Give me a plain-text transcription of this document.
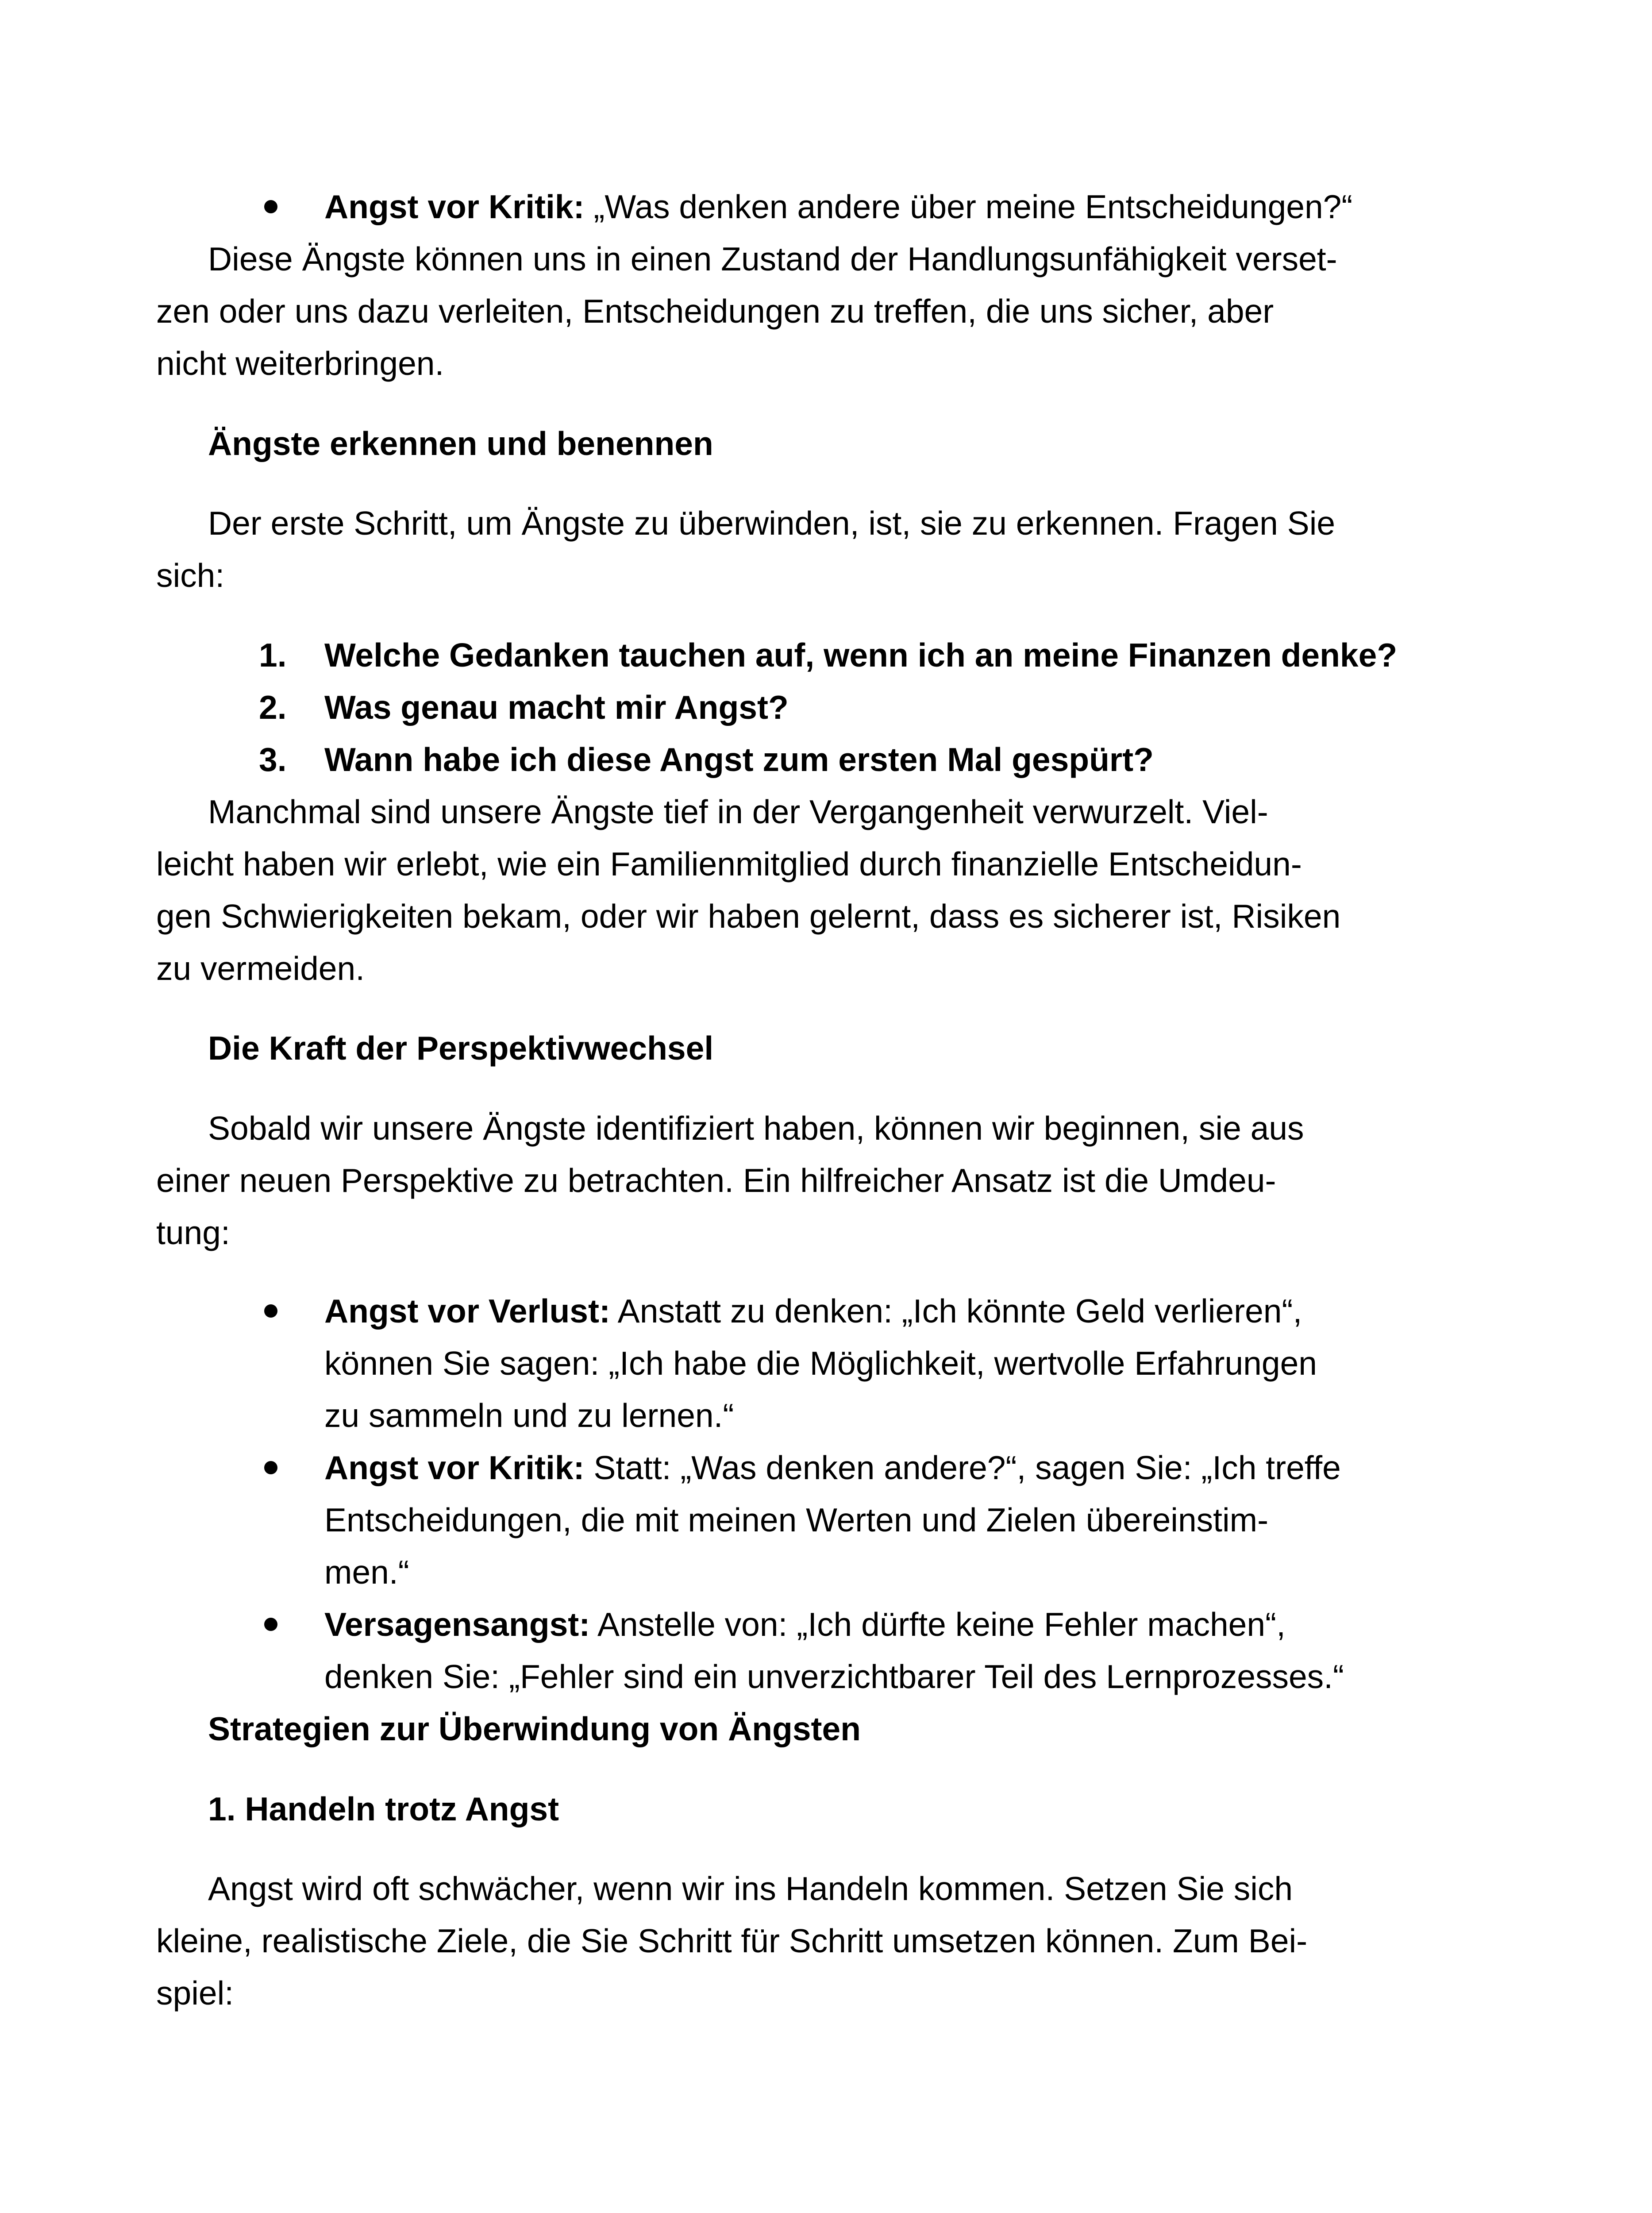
Angst vor Kritik: „Was denken andere über meine Entscheidungen?“
Diese Ängste können uns in einen Zustand der Handlungsunfähigkeit verset-
zen oder uns dazu verleiten, Entscheidungen zu treffen, die uns sicher, aber
nicht weiterbringen.
Ängste erkennen und benennen
Der erste Schritt, um Ängste zu überwinden, ist, sie zu erkennen. Fragen Sie
sich:
1. Welche Gedanken tauchen auf, wenn ich an meine Finanzen denke?
2. Was genau macht mir Angst?
3. Wann habe ich diese Angst zum ersten Mal gespürt?
Manchmal sind unsere Ängste tief in der Vergangenheit verwurzelt. Viel-
leicht haben wir erlebt, wie ein Familienmitglied durch finanzielle Entscheidun-
gen Schwierigkeiten bekam, oder wir haben gelernt, dass es sicherer ist, Risiken
zu vermeiden.
Die Kraft der Perspektivwechsel
Sobald wir unsere Ängste identifiziert haben, können wir beginnen, sie aus
einer neuen Perspektive zu betrachten. Ein hilfreicher Ansatz ist die Umdeu-
tung:
Angst vor Verlust: Anstatt zu denken: „Ich könnte Geld verlieren“,
können Sie sagen: „Ich habe die Möglichkeit, wertvolle Erfahrungen
zu sammeln und zu lernen.“
Angst vor Kritik: Statt: „Was denken andere?“, sagen Sie: „Ich treffe
Entscheidungen, die mit meinen Werten und Zielen übereinstim-
men.“
Versagensangst: Anstelle von: „Ich dürfte keine Fehler machen“,
denken Sie: „Fehler sind ein unverzichtbarer Teil des Lernprozesses.“
Strategien zur Überwindung von Ängsten
1. Handeln trotz Angst
Angst wird oft schwächer, wenn wir ins Handeln kommen. Setzen Sie sich
kleine, realistische Ziele, die Sie Schritt für Schritt umsetzen können. Zum Bei-
spiel:
